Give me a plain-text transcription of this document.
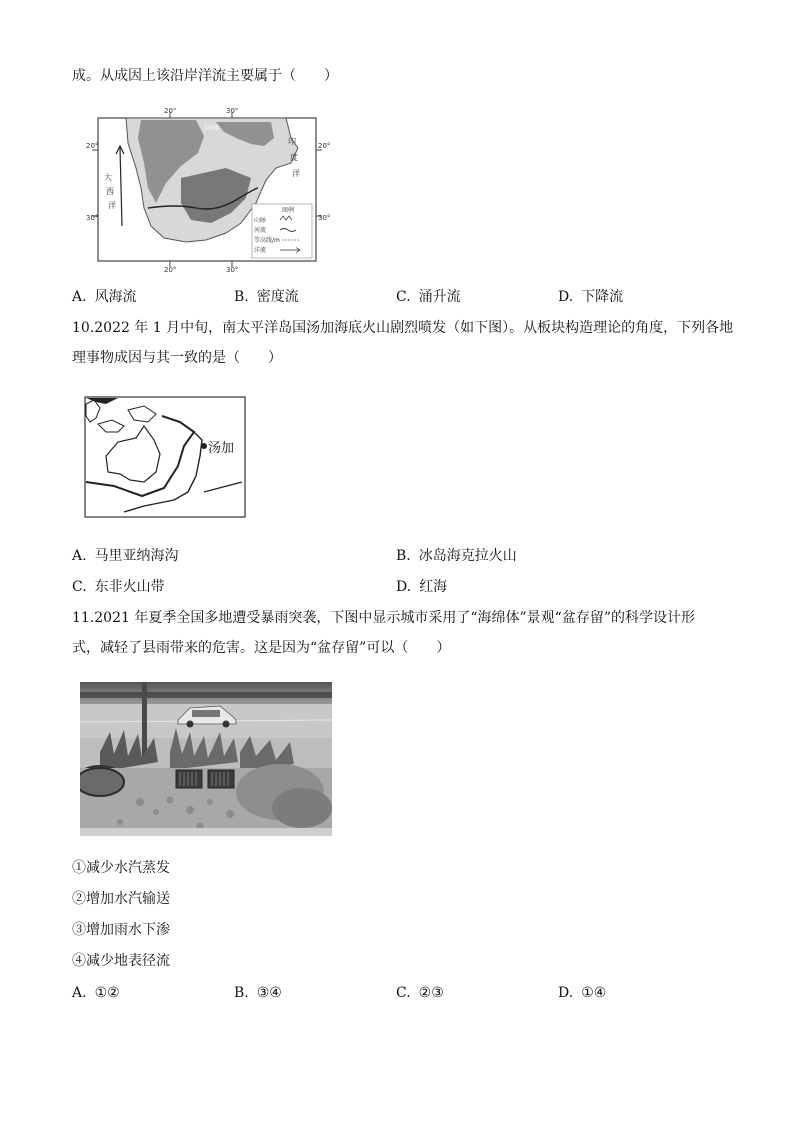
成。从成因上该沿岸洋流主要属于（　　）
20°	30°
20°	30°
20°
30°
20°
30°
大
西
洋
印
度
洋
1000
图例
山脉
河流
等高线/m
洋流
A. 风海流	B. 密度流	C. 涌升流	D. 下降流
10.2022 年 1 月中旬，南太平洋岛国汤加海底火山剧烈喷发（如下图）。从板块构造理论的角度，下列各地
理事物成因与其一致的是（　　）
汤加
A. 马里亚纳海沟	B. 冰岛海克拉火山
C. 东非火山带	D. 红海
11.2021 年夏季全国多地遭受暴雨突袭，下图中显示城市采用了“海绵体”景观“盆存留”的科学设计形
式，减轻了县雨带来的危害。这是因为“盆存留”可以（　　）
①减少水汽蒸发
②增加水汽输送
③增加雨水下渗
④减少地表径流
A. ①②	B. ③④	C. ②③	D. ①④
